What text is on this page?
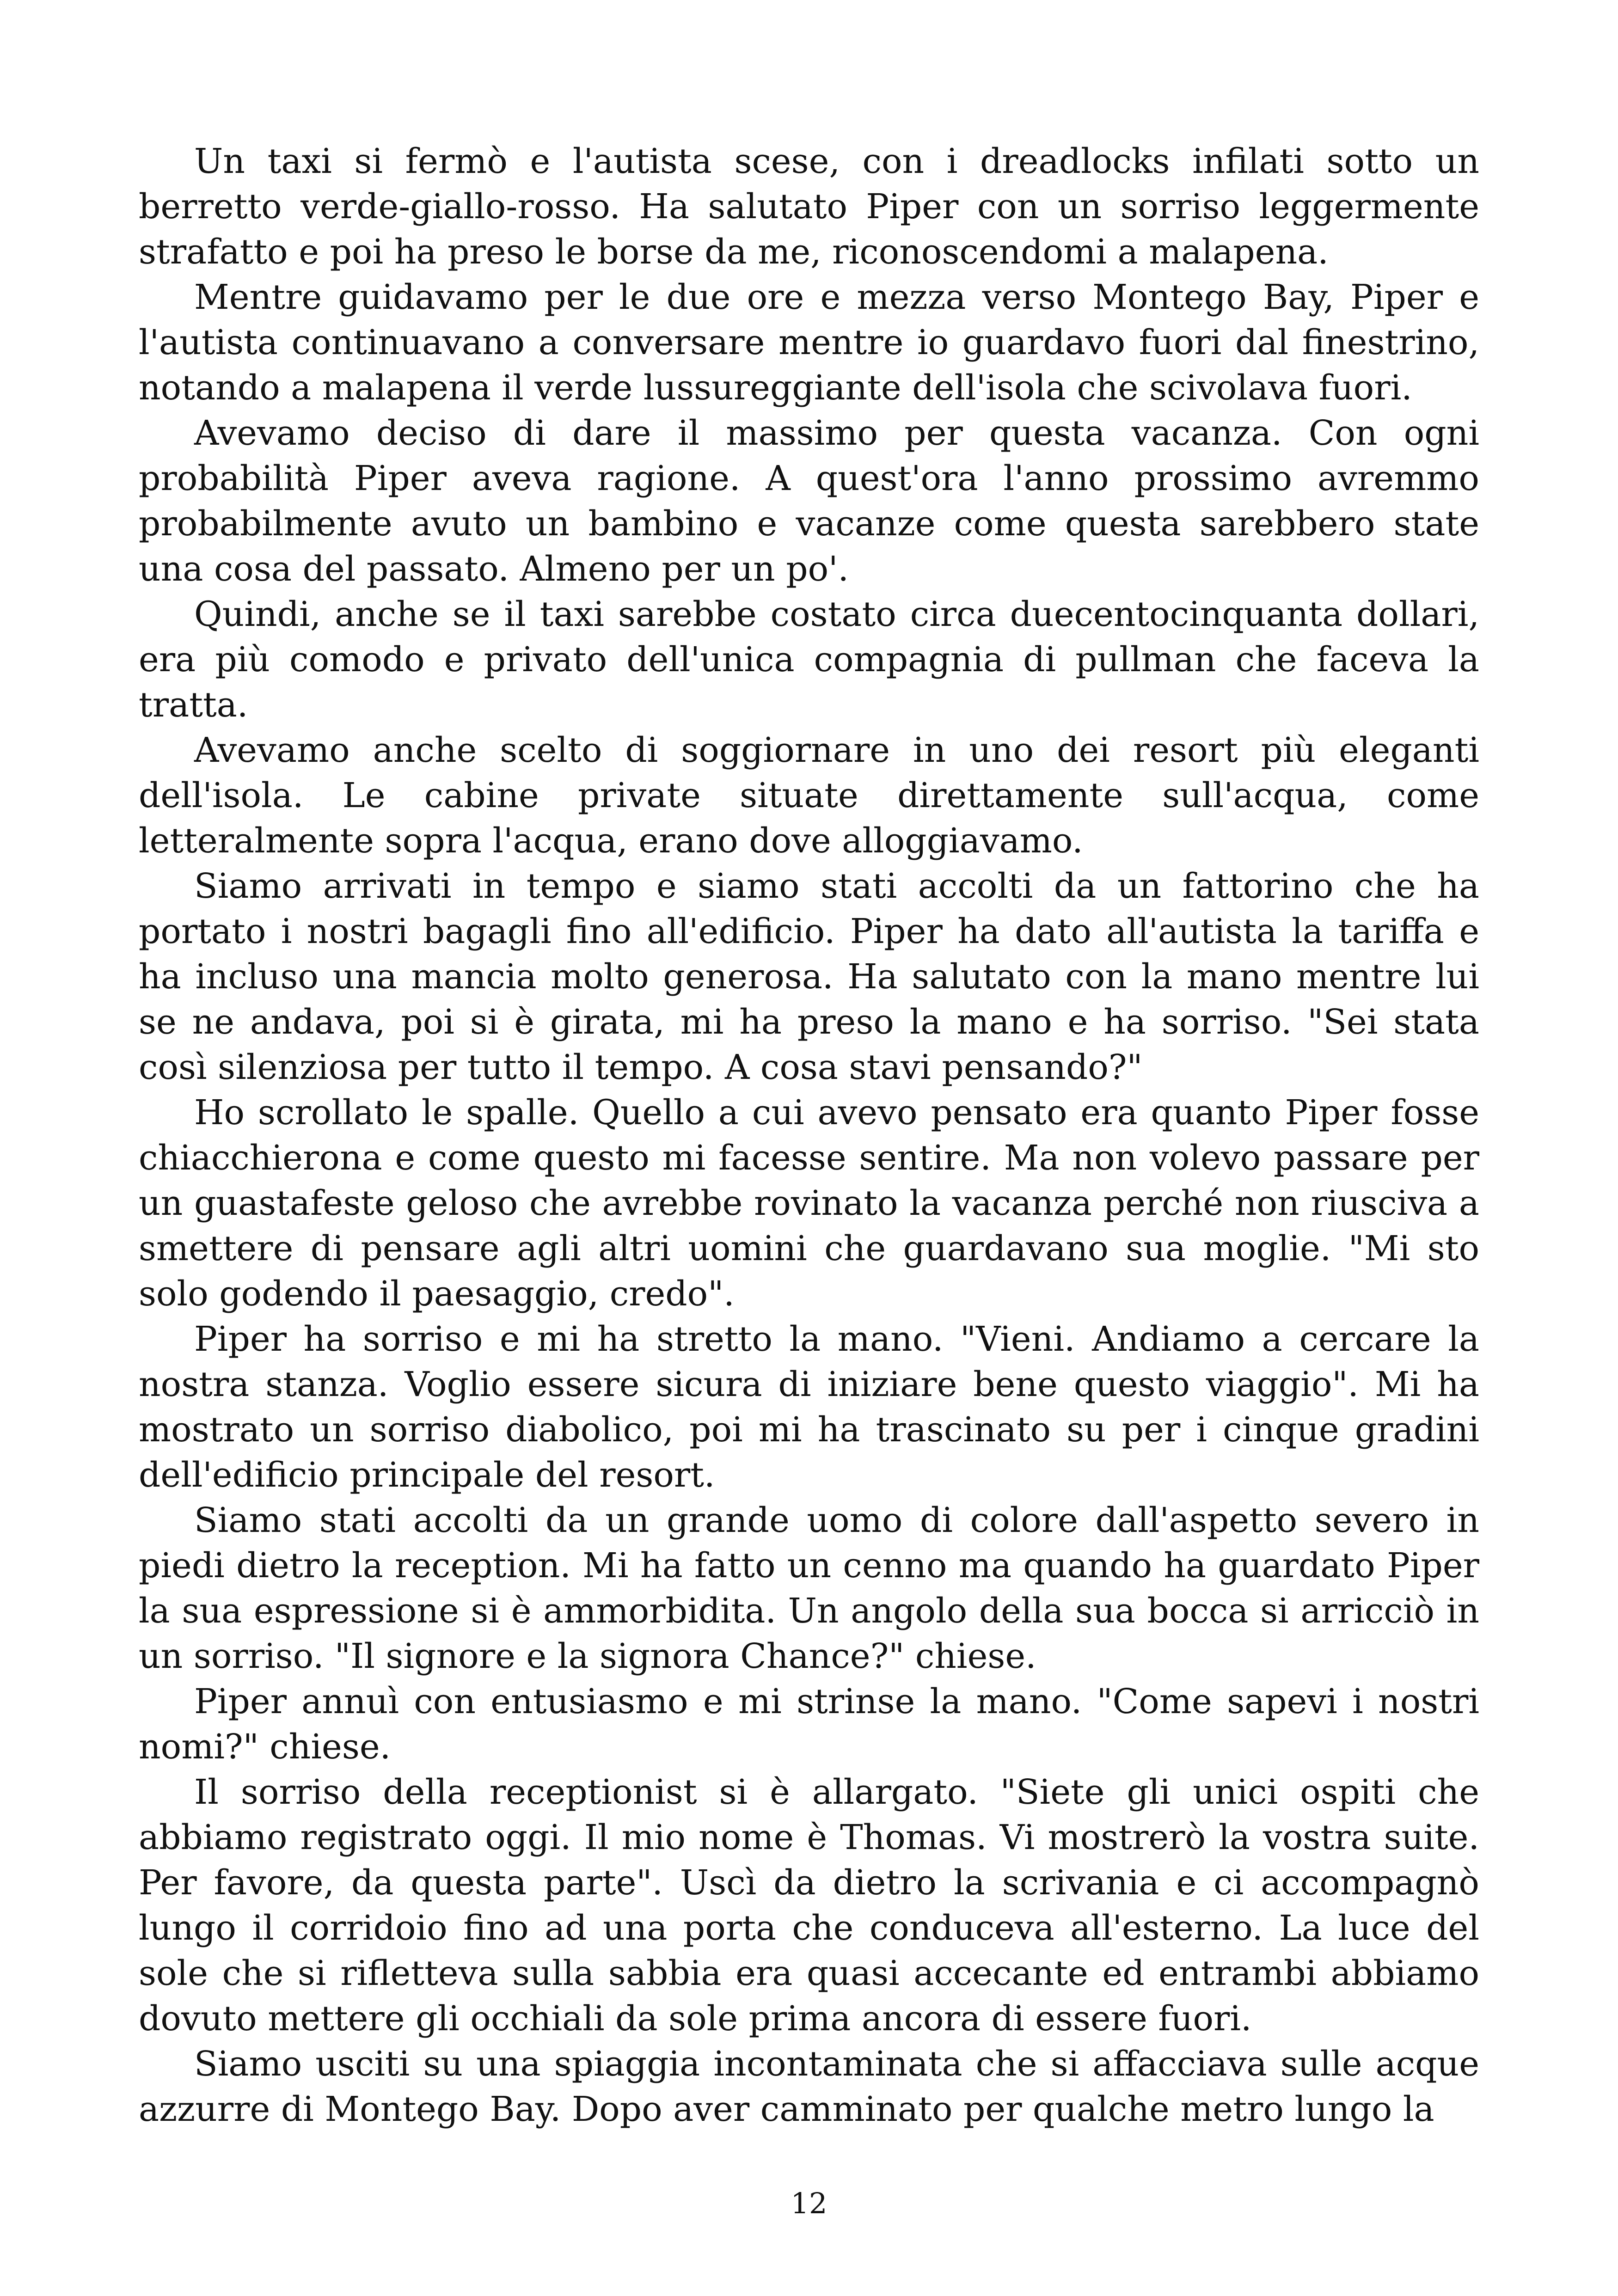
Un taxi si fermò e l'autista scese, con i dreadlocks infilati sotto un berretto verde-giallo-rosso. Ha salutato Piper con un sorriso leggermente strafatto e poi ha preso le borse da me, riconoscendomi a malapena.

Mentre guidavamo per le due ore e mezza verso Montego Bay, Piper e l'autista continuavano a conversare mentre io guardavo fuori dal finestrino, notando a malapena il verde lussureggiante dell'isola che scivolava fuori.

Avevamo deciso di dare il massimo per questa vacanza. Con ogni probabilità Piper aveva ragione. A quest'ora l'anno prossimo avremmo probabilmente avuto un bambino e vacanze come questa sarebbero state una cosa del passato. Almeno per un po'.

Quindi, anche se il taxi sarebbe costato circa duecentocinquanta dollari, era più comodo e privato dell'unica compagnia di pullman che faceva la tratta.

Avevamo anche scelto di soggiornare in uno dei resort più eleganti dell'isola. Le cabine private situate direttamente sull'acqua, come letteralmente sopra l'acqua, erano dove alloggiavamo.

Siamo arrivati in tempo e siamo stati accolti da un fattorino che ha portato i nostri bagagli fino all'edificio. Piper ha dato all'autista la tariffa e ha incluso una mancia molto generosa. Ha salutato con la mano mentre lui se ne andava, poi si è girata, mi ha preso la mano e ha sorriso. "Sei stata così silenziosa per tutto il tempo. A cosa stavi pensando?"

Ho scrollato le spalle. Quello a cui avevo pensato era quanto Piper fosse chiacchierona e come questo mi facesse sentire. Ma non volevo passare per un guastafeste geloso che avrebbe rovinato la vacanza perché non riusciva a smettere di pensare agli altri uomini che guardavano sua moglie. "Mi sto solo godendo il paesaggio, credo".

Piper ha sorriso e mi ha stretto la mano. "Vieni. Andiamo a cercare la nostra stanza. Voglio essere sicura di iniziare bene questo viaggio". Mi ha mostrato un sorriso diabolico, poi mi ha trascinato su per i cinque gradini dell'edificio principale del resort.

Siamo stati accolti da un grande uomo di colore dall'aspetto severo in piedi dietro la reception. Mi ha fatto un cenno ma quando ha guardato Piper la sua espressione si è ammorbidita. Un angolo della sua bocca si arricciò in un sorriso. "Il signore e la signora Chance?" chiese.

Piper annuì con entusiasmo e mi strinse la mano. "Come sapevi i nostri nomi?" chiese.

Il sorriso della receptionist si è allargato. "Siete gli unici ospiti che abbiamo registrato oggi. Il mio nome è Thomas. Vi mostrerò la vostra suite. Per favore, da questa parte". Uscì da dietro la scrivania e ci accompagnò lungo il corridoio fino ad una porta che conduceva all'esterno. La luce del sole che si rifletteva sulla sabbia era quasi accecante ed entrambi abbiamo dovuto mettere gli occhiali da sole prima ancora di essere fuori.

Siamo usciti su una spiaggia incontaminata che si affacciava sulle acque azzurre di Montego Bay. Dopo aver camminato per qualche metro lungo la

12
